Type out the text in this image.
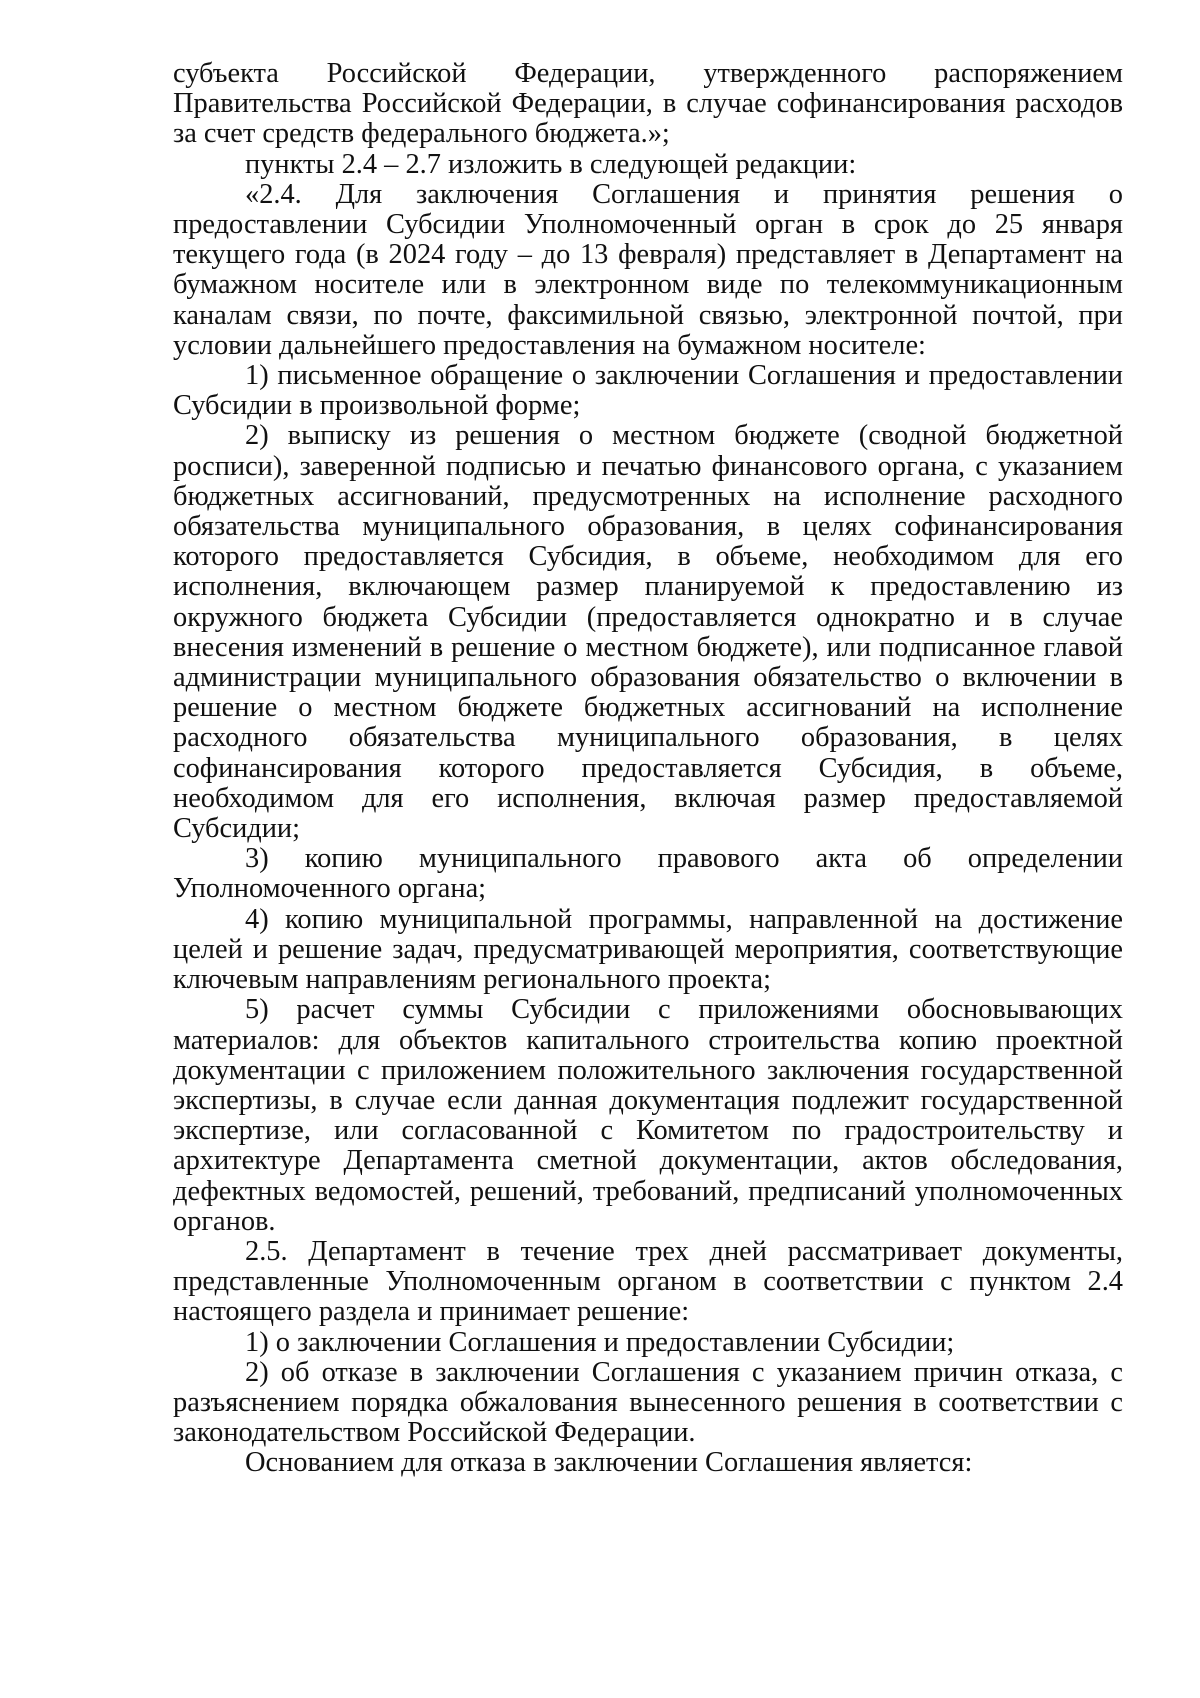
субъекта Российской Федерации, утвержденного распоряжением Правительства Российской Федерации, в случае софинансирования расходов за счет средств федерального бюджета.»;

пункты 2.4 – 2.7 изложить в следующей редакции:

«2.4. Для заключения Соглашения и принятия решения о предоставлении Субсидии Уполномоченный орган в срок до 25 января текущего года (в 2024 году – до 13 февраля) представляет в Департамент на бумажном носителе или в электронном виде по телекоммуникационным каналам связи, по почте, факсимильной связью, электронной почтой, при условии дальнейшего предоставления на бумажном носителе:

1) письменное обращение о заключении Соглашения и предоставлении Субсидии в произвольной форме;

2) выписку из решения о местном бюджете (сводной бюджетной росписи), заверенной подписью и печатью финансового органа, с указанием бюджетных ассигнований, предусмотренных на исполнение расходного обязательства муниципального образования, в целях софинансирования которого предоставляется Субсидия, в объеме, необходимом для его исполнения, включающем размер планируемой к предоставлению из окружного бюджета Субсидии (предоставляется однократно и в случае внесения изменений в решение о местном бюджете), или подписанное главой администрации муниципального образования обязательство о включении в решение о местном бюджете бюджетных ассигнований на исполнение расходного обязательства муниципального образования, в целях софинансирования которого предоставляется Субсидия, в объеме, необходимом для его исполнения, включая размер предоставляемой Субсидии;

3) копию муниципального правового акта об определении Уполномоченного органа;

4) копию муниципальной программы, направленной на достижение целей и решение задач, предусматривающей мероприятия, соответствующие ключевым направлениям регионального проекта;

5) расчет суммы Субсидии с приложениями обосновывающих материалов: для объектов капитального строительства копию проектной документации с приложением положительного заключения государственной экспертизы, в случае если данная документация подлежит государственной экспертизе, или согласованной с Комитетом по градостроительству и архитектуре Департамента сметной документации, актов обследования, дефектных ведомостей, решений, требований, предписаний уполномоченных органов.

2.5. Департамент в течение трех дней рассматривает документы, представленные Уполномоченным органом в соответствии с пунктом 2.4 настоящего раздела и принимает решение:

1) о заключении Соглашения и предоставлении Субсидии;

2) об отказе в заключении Соглашения с указанием причин отказа, с разъяснением порядка обжалования вынесенного решения в соответствии с законодательством Российской Федерации.

Основанием для отказа в заключении Соглашения является:
